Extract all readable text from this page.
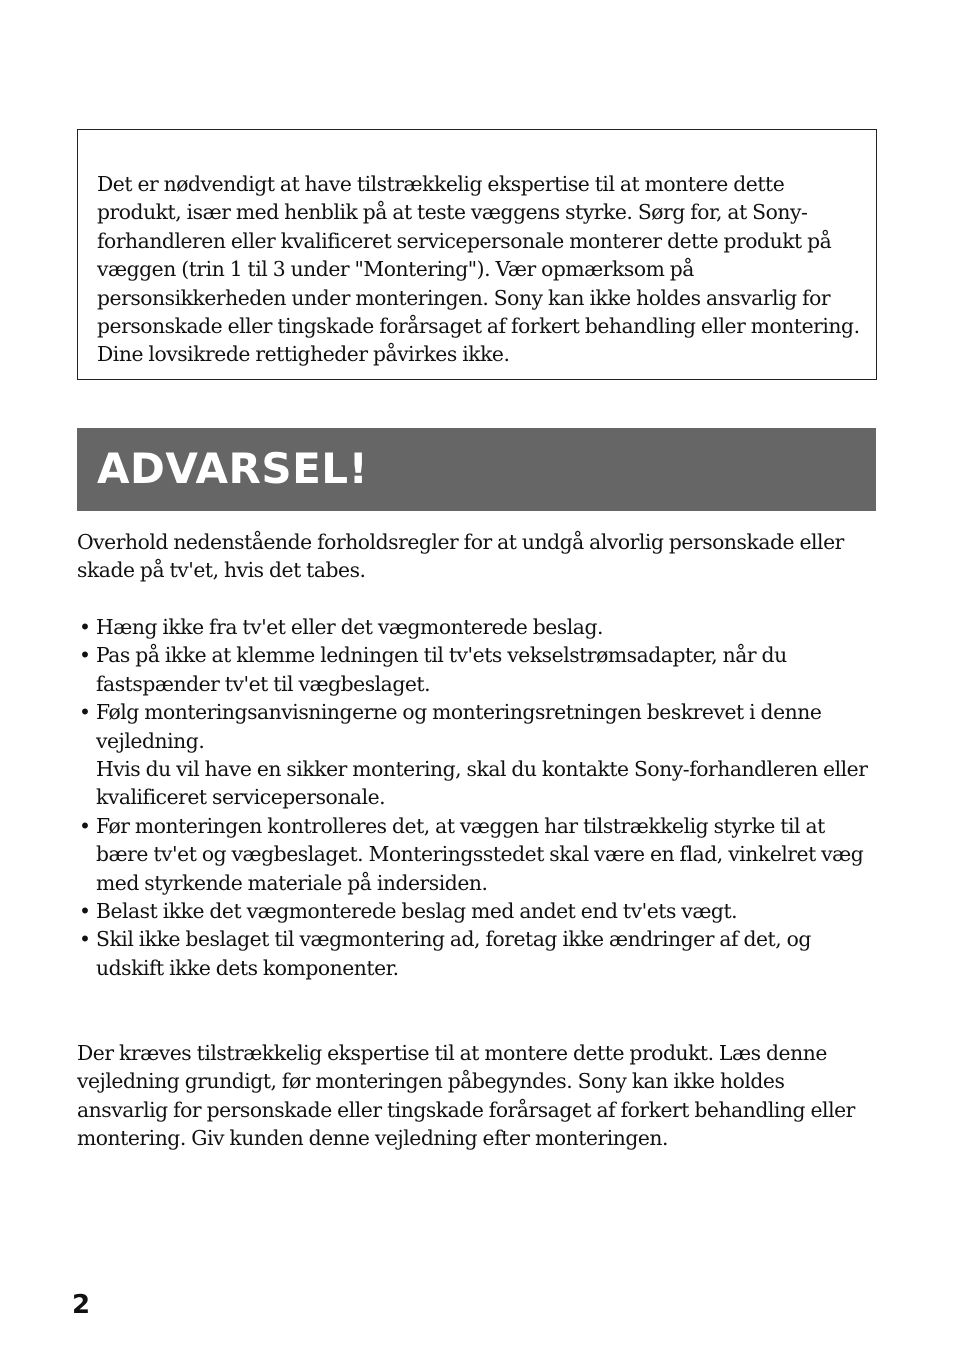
Det er nødvendigt at have tilstrækkelig ekspertise til at montere dette produkt, især med henblik på at teste væggens styrke. Sørg for, at Sony-forhandleren eller kvalificeret servicepersonale monterer dette produkt på væggen (trin 1 til 3 under "Montering"). Vær opmærksom på personsikkerheden under monteringen. Sony kan ikke holdes ansvarlig for personskade eller tingskade forårsaget af forkert behandling eller montering. Dine lovsikrede rettigheder påvirkes ikke.

ADVARSEL!

Overhold nedenstående forholdsregler for at undgå alvorlig personskade eller skade på tv'et, hvis det tabes.

• Hæng ikke fra tv'et eller det vægmonterede beslag.
• Pas på ikke at klemme ledningen til tv'ets vekselstrømsadapter, når du fastspænder tv'et til vægbeslaget.
• Følg monteringsanvisningerne og monteringsretningen beskrevet i denne vejledning.
Hvis du vil have en sikker montering, skal du kontakte Sony-forhandleren eller kvalificeret servicepersonale.
• Før monteringen kontrolleres det, at væggen har tilstrækkelig styrke til at bære tv'et og vægbeslaget. Monteringsstedet skal være en flad, vinkelret væg med styrkende materiale på indersiden.
• Belast ikke det vægmonterede beslag med andet end tv'ets vægt.
• Skil ikke beslaget til vægmontering ad, foretag ikke ændringer af det, og udskift ikke dets komponenter.

Der kræves tilstrækkelig ekspertise til at montere dette produkt. Læs denne vejledning grundigt, før monteringen påbegyndes. Sony kan ikke holdes ansvarlig for personskade eller tingskade forårsaget af forkert behandling eller montering. Giv kunden denne vejledning efter monteringen.

2
